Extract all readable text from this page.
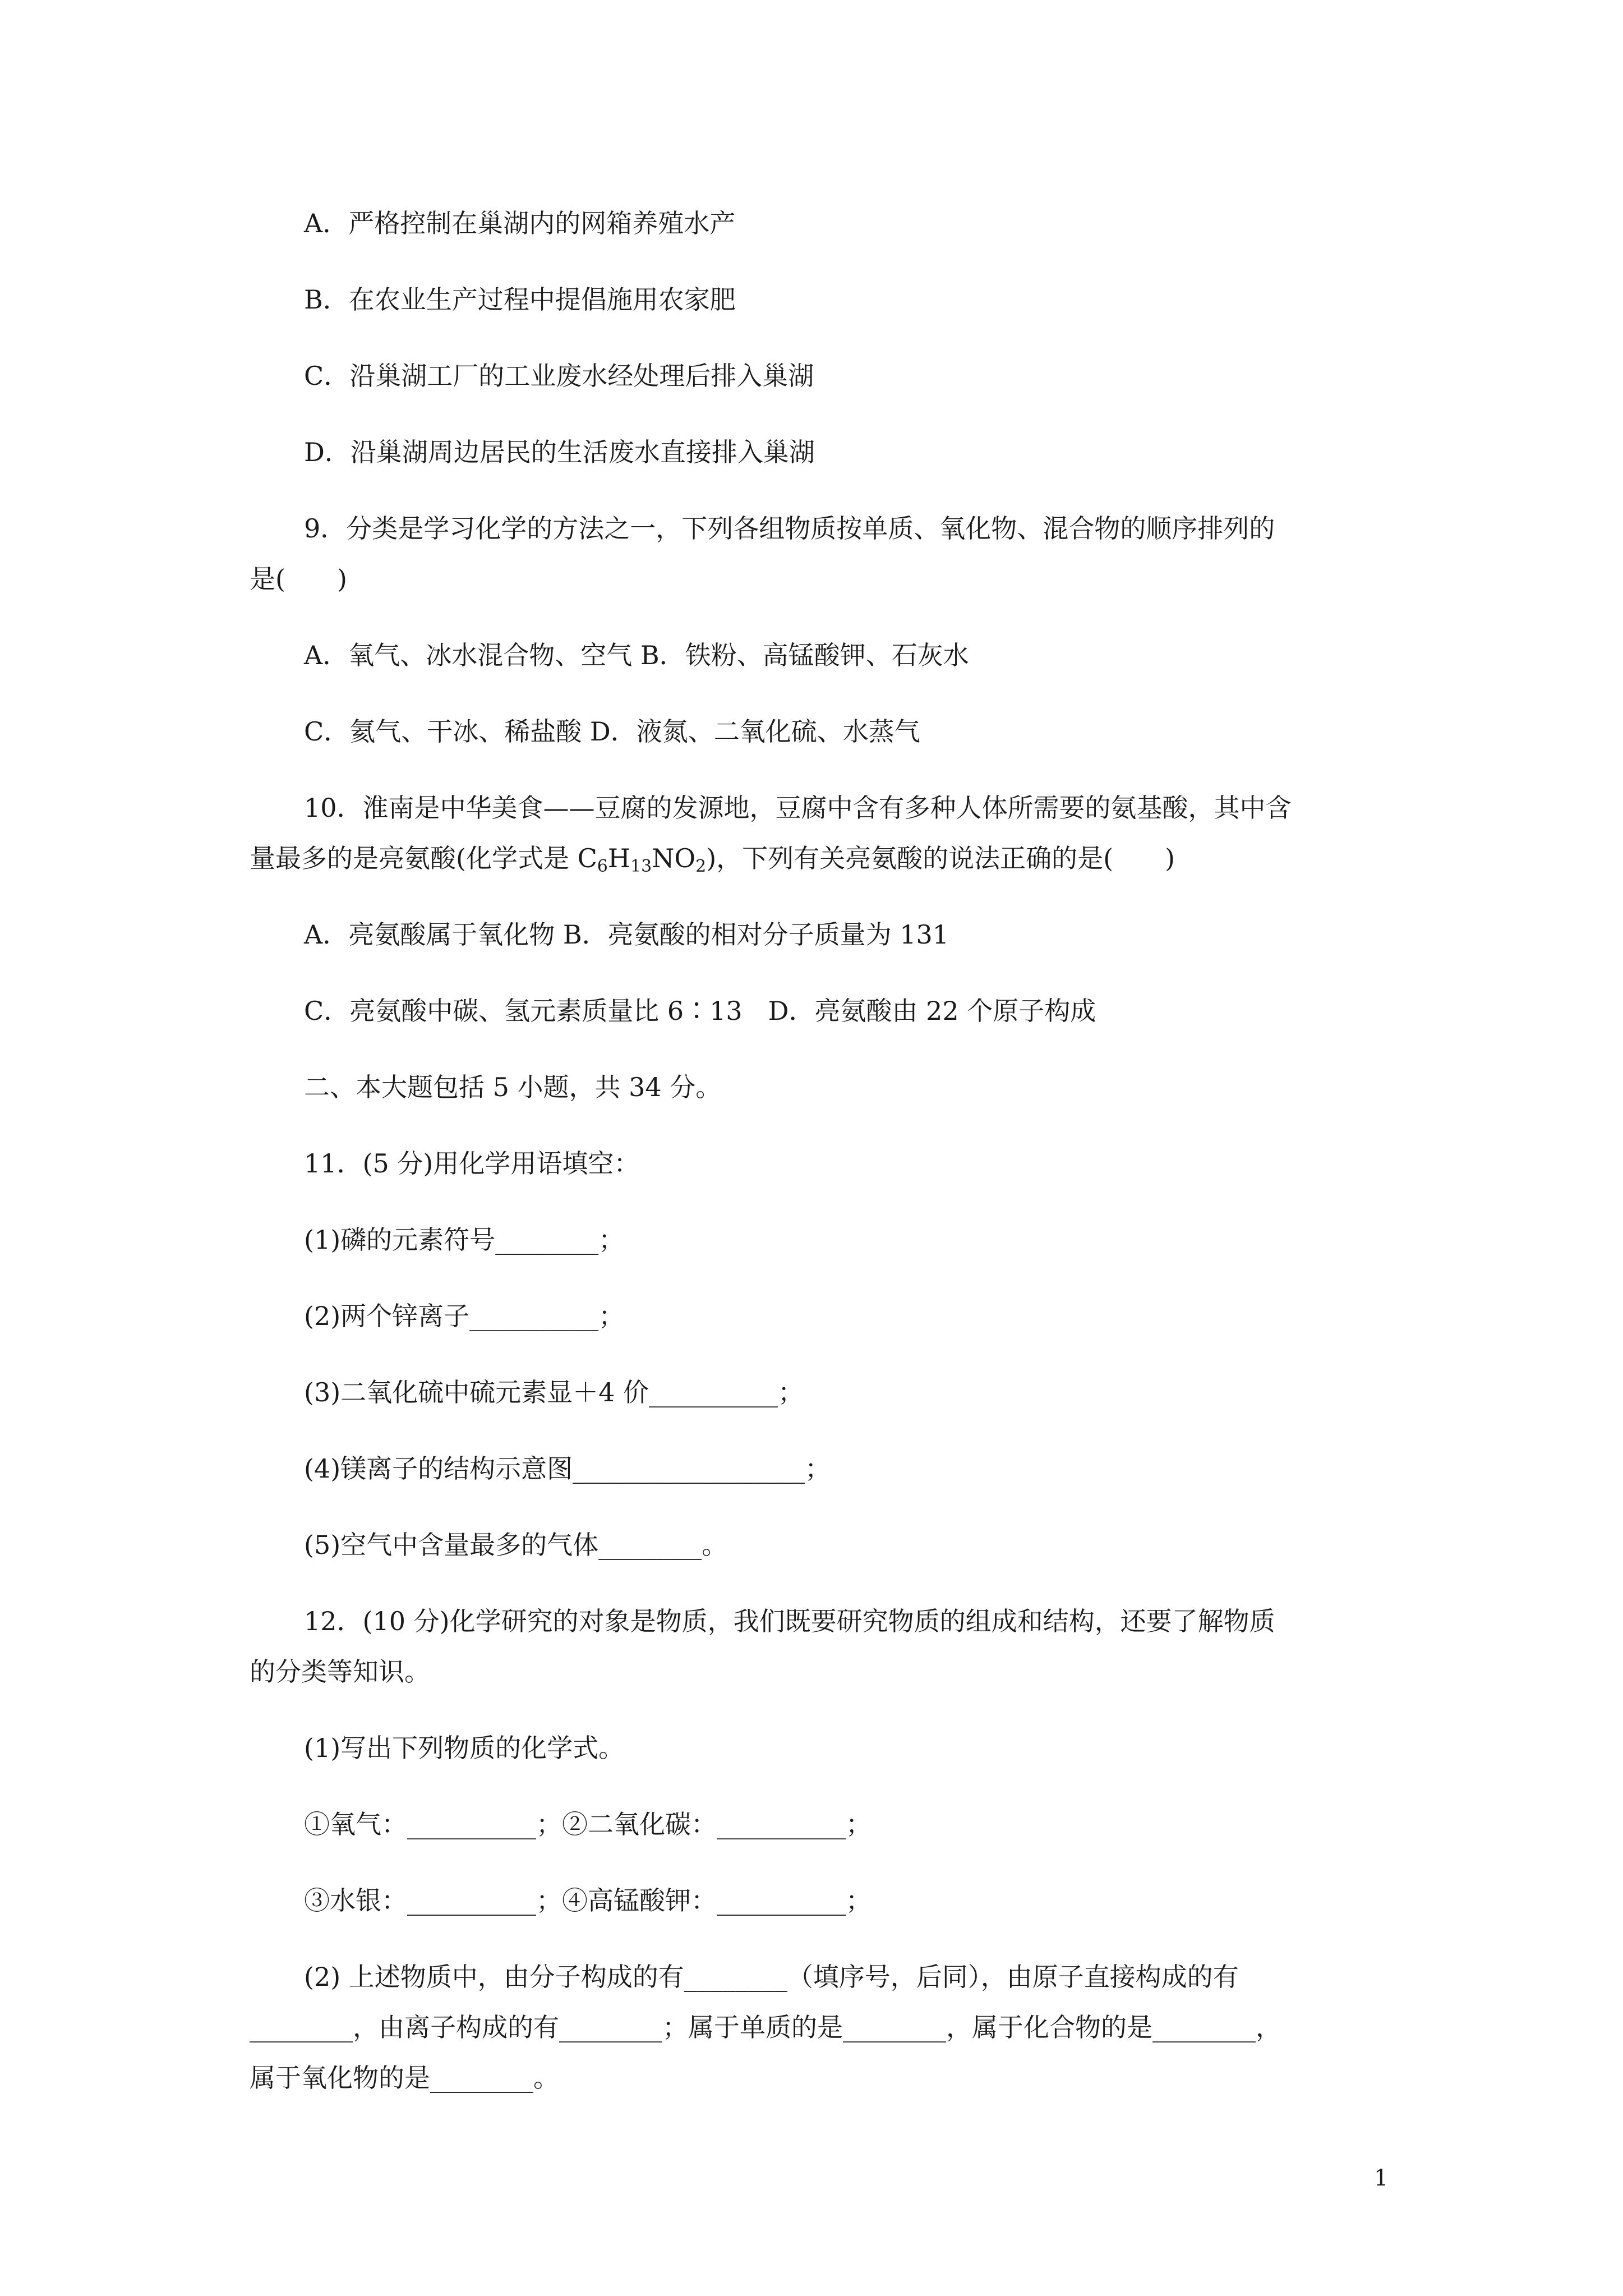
A．严格控制在巢湖内的网箱养殖水产
B．在农业生产过程中提倡施用农家肥
C．沿巢湖工厂的工业废水经处理后排入巢湖
D．沿巢湖周边居民的生活废水直接排入巢湖
9．分类是学习化学的方法之一，下列各组物质按单质、氧化物、混合物的顺序排列的
是(　　)
A．氧气、冰水混合物、空气 B．铁粉、高锰酸钾、石灰水
C．氦气、干冰、稀盐酸 D．液氮、二氧化硫、水蒸气
10．淮南是中华美食——豆腐的发源地，豆腐中含有多种人体所需要的氨基酸，其中含
量最多的是亮氨酸(化学式是 $C_6H_{13}NO_2$)，下列有关亮氨酸的说法正确的是(　　)
A．亮氨酸属于氧化物 B．亮氨酸的相对分子质量为 131
C．亮氨酸中碳、氢元素质量比 6∶13　D．亮氨酸由 22 个原子构成
二、本大题包括 5 小题，共 34 分。
11．(5 分)用化学用语填空：
(1)磷的元素符号________；
(2)两个锌离子__________；
(3)二氧化硫中硫元素显＋4 价__________；
(4)镁离子的结构示意图__________________；
(5)空气中含量最多的气体________。
12．(10 分)化学研究的对象是物质，我们既要研究物质的组成和结构，还要了解物质
的分类等知识。
(1)写出下列物质的化学式。
①氧气：__________；②二氧化碳：__________；
③水银：__________；④高锰酸钾：__________；
(2) 上述物质中，由分子构成的有________（填序号，后同），由原子直接构成的有
________，由离子构成的有________；属于单质的是________，属于化合物的是________，
属于氧化物的是________。
1
